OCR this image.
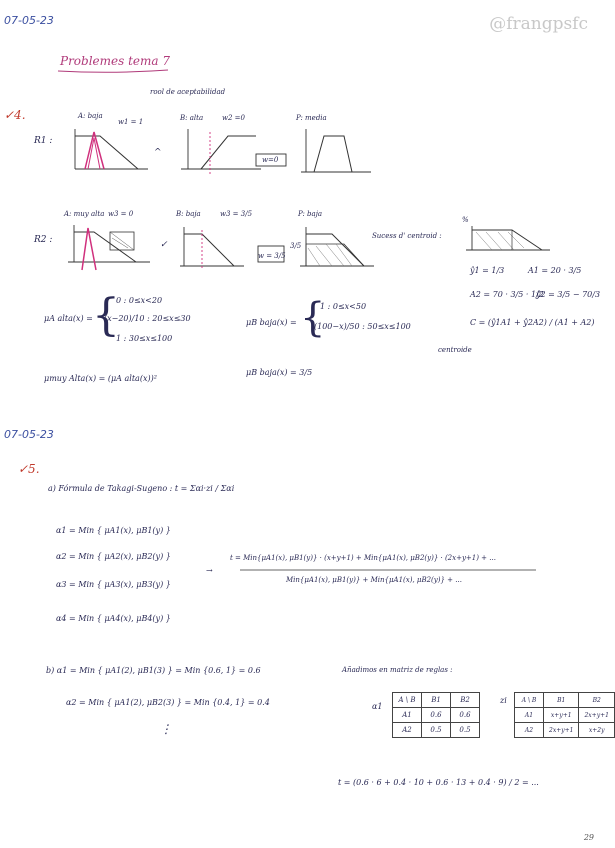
07-05-23	@frangpsfc
Problemes tema 7
rool de aceptabilidad
✓4.
R1 :
R2 :
A: baja
w1 = 1	B: alta	w2 =0	P: media
^
w=0
A: muy alta w3 = 0	B: baja	w3 = 3/5	P: baja
✓
Sucess d' centroid :
%
w = 3/5
3/5
μA alta(x) = {
0 : 0≤x<20
(x−20)/10 : 20≤x≤30
1 : 30≤x≤100
μB baja(x) = {
1 : 0≤x<50
(100−x)/50 : 50≤x≤100
ŷ1 = 1/3	A1 = 20 · 3/5
A2 = 70 · 3/5 · 1/2
ŷ2 = 3/5 − 70/3
C = (ŷ1A1 + ŷ2A2) / (A1 + A2)
centroide
μmuy Alta(x) = (μA alta(x))²
μB baja(x) = 3/5
07-05-23
✓5.
a) Fórmula de Takagi-Sugeno : t = Σαi·zi / Σαi
α1 = Min { μA1(x), μB1(y) }
α2 = Min { μA2(x), μB2(y) }
α3 = Min { μA3(x), μB3(y) }
α4 = Min { μA4(x), μB4(y) }
→
t = Min{μA1(x), μB1(y)} · (x+y+1) + Min{μA1(x), μB2(y)} · (2x+y+1) + ...
Min{μA1(x), μB1(y)} + Min{μA1(x), μB2(y)} + ...
b) α1 = Min { μA1(2), μB1(3) } = Min {0.6, 1} = 0.6
α2 = Min { μA1(2), μB2(3) } = Min {0.4, 1} = 0.4
⋮
Añadimos en matriz de reglas :
α1
A \ B	B1	B2
A1	0.6	0.6
A2	0.5	0.5
zi A \ B	B1	B2
A1	x+y+1	2x+y+1
A2	2x+y+1	x+2y
t = (0.6 · 6 + 0.4 · 10 + 0.6 · 13 + 0.4 · 9) / 2 = ...
29
